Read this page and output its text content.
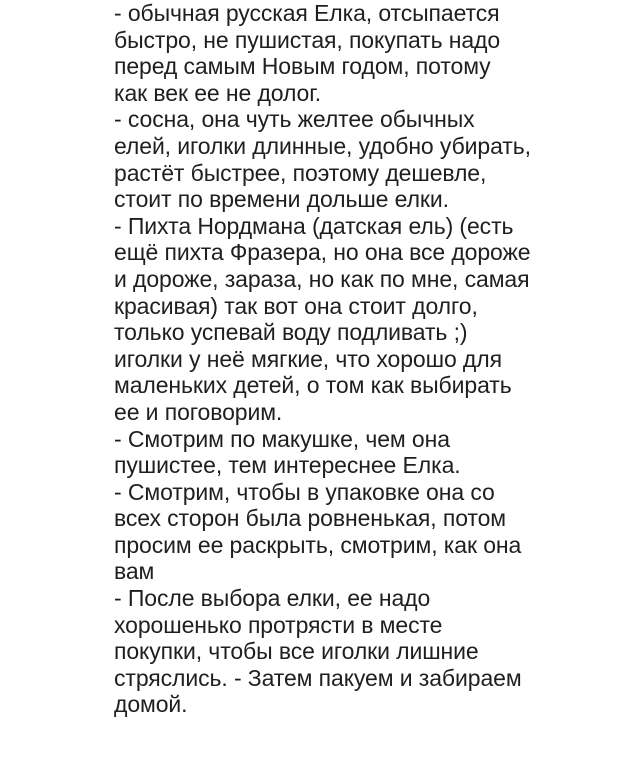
- обычная русская Елка, отсыпается
быстро, не пушистая, покупать надо
перед самым Новым годом, потому
как век ее не долог.
- сосна, она чуть желтее обычных
елей, иголки длинные, удобно убирать,
растёт быстрее, поэтому дешевле,
стоит по времени дольше елки.
- Пихта Нордмана (датская ель) (есть
ещё пихта Фразера, но она все дороже
и дороже, зараза, но как по мне, самая
красивая) так вот она стоит долго,
только успевай воду подливать ;)
иголки у неё мягкие, что хорошо для
маленьких детей, о том как выбирать
ее и поговорим.
- Смотрим по макушке, чем она
пушистее, тем интереснее Елка.
- Смотрим, чтобы в упаковке она со
всех сторон была ровненькая, потом
просим ее раскрыть, смотрим, как она
вам
- После выбора елки, ее надо
хорошенько протрясти в месте
покупки, чтобы все иголки лишние
стряслись. - Затем пакуем и забираем
домой.
